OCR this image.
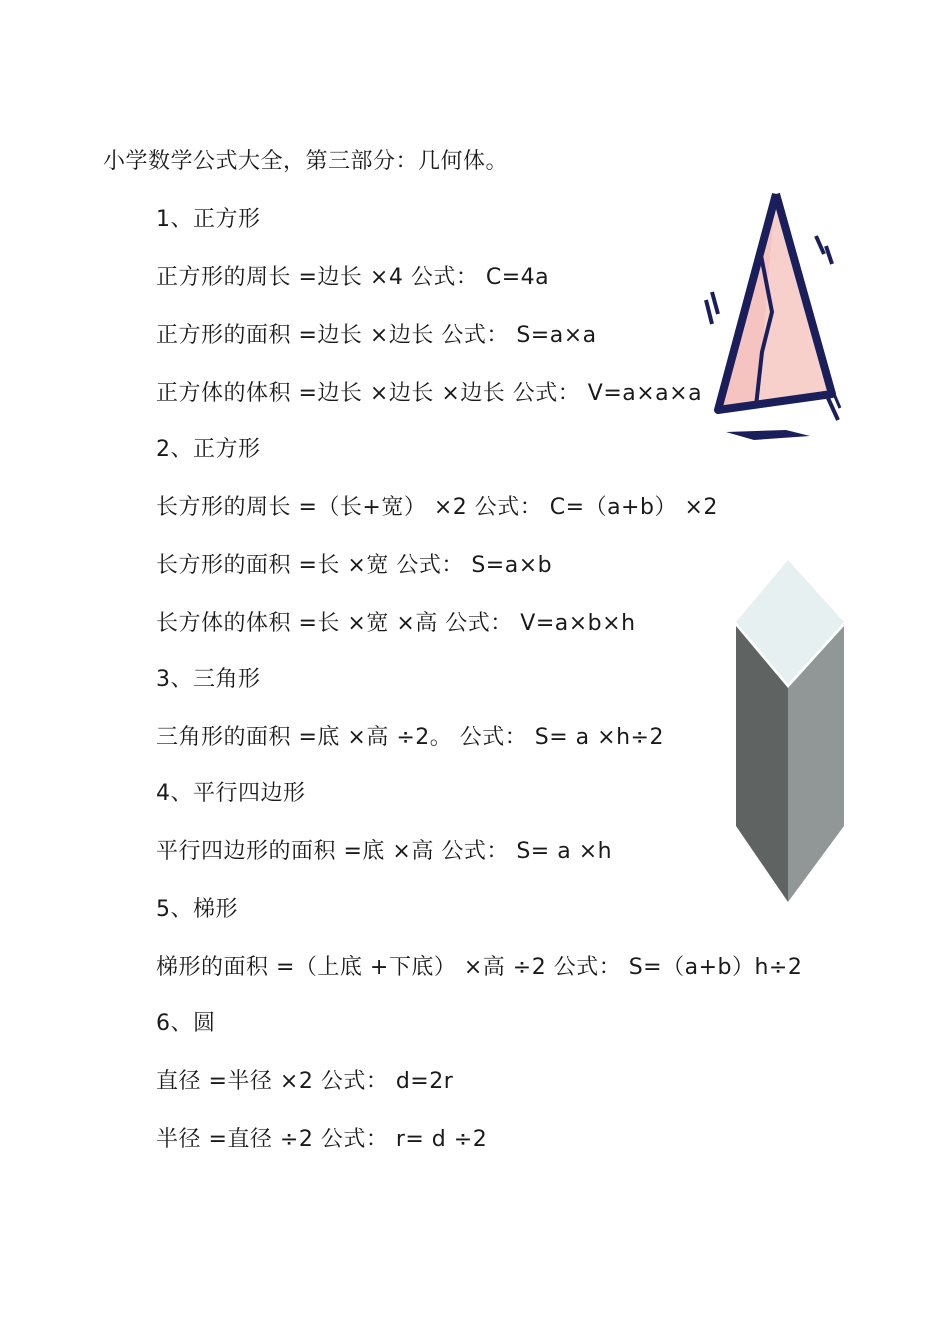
小学数学公式大全，第三部分：几何体。
1、正方形
正方形的周长 =边长 ×4 公式： C=4a
正方形的面积 =边长 ×边长 公式： S=a×a
正方体的体积 =边长 ×边长 ×边长 公式： V=a×a×a
2、正方形
长方形的周长 =（长+宽） ×2 公式： C=（a+b） ×2
长方形的面积 =长 ×宽 公式： S=a×b
长方体的体积 =长 ×宽 ×高 公式： V=a×b×h
3、三角形
三角形的面积 =底 ×高 ÷2。 公式： S= a ×h÷2
4、平行四边形
平行四边形的面积 =底 ×高 公式： S= a ×h
5、梯形
梯形的面积 =（上底 +下底） ×高 ÷2 公式： S=（a+b）h÷2
6、圆
直径 =半径 ×2 公式： d=2r
半径 =直径 ÷2 公式： r= d ÷2
